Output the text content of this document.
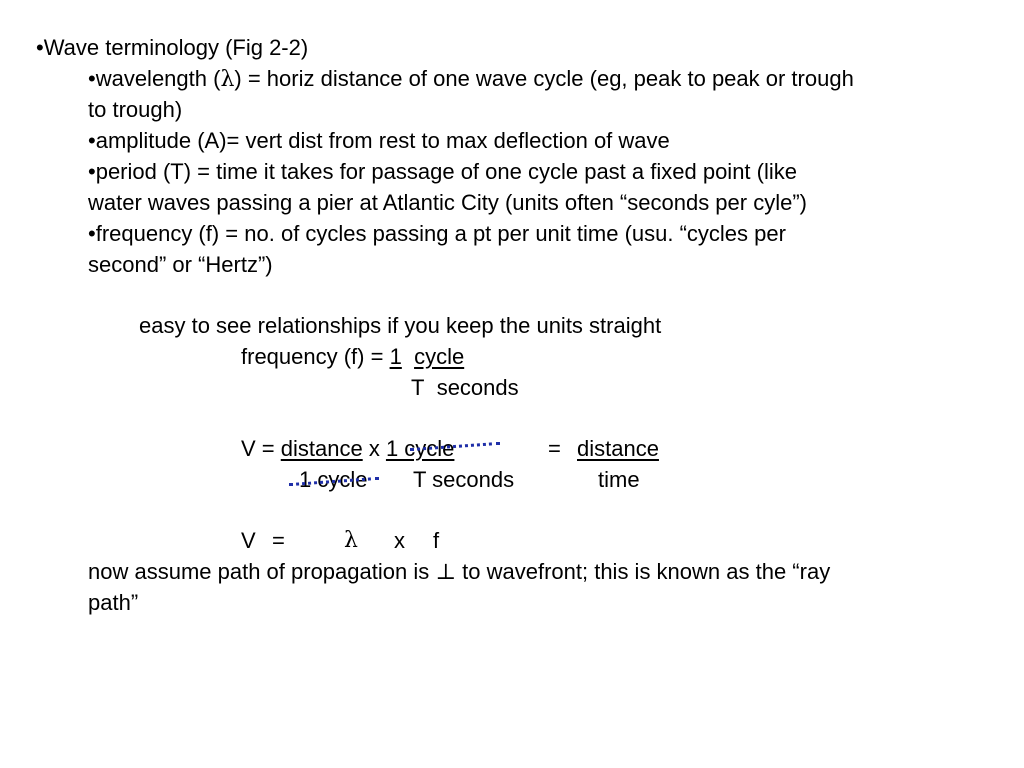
•Wave terminology (Fig 2-2)
•wavelength (λ) = horiz distance of one wave cycle (eg, peak to peak or trough
to trough)
•amplitude (A)= vert dist from rest to max deflection of wave
•period (T) = time it takes for passage of one cycle past a fixed point (like
water waves passing a pier at Atlantic City (units often “seconds per cyle”)
•frequency (f) = no. of cycles passing a pt per unit time (usu. “cycles per
second” or “Hertz”)
easy to see relationships if you keep the units straight
frequency (f) = 1 cycle
T seconds
V = distance x 1 cycle	= distance
1 cycle T seconds	time
V =	λ x f
now assume path of propagation is ⊥ to wavefront; this is known as the “ray
path”
